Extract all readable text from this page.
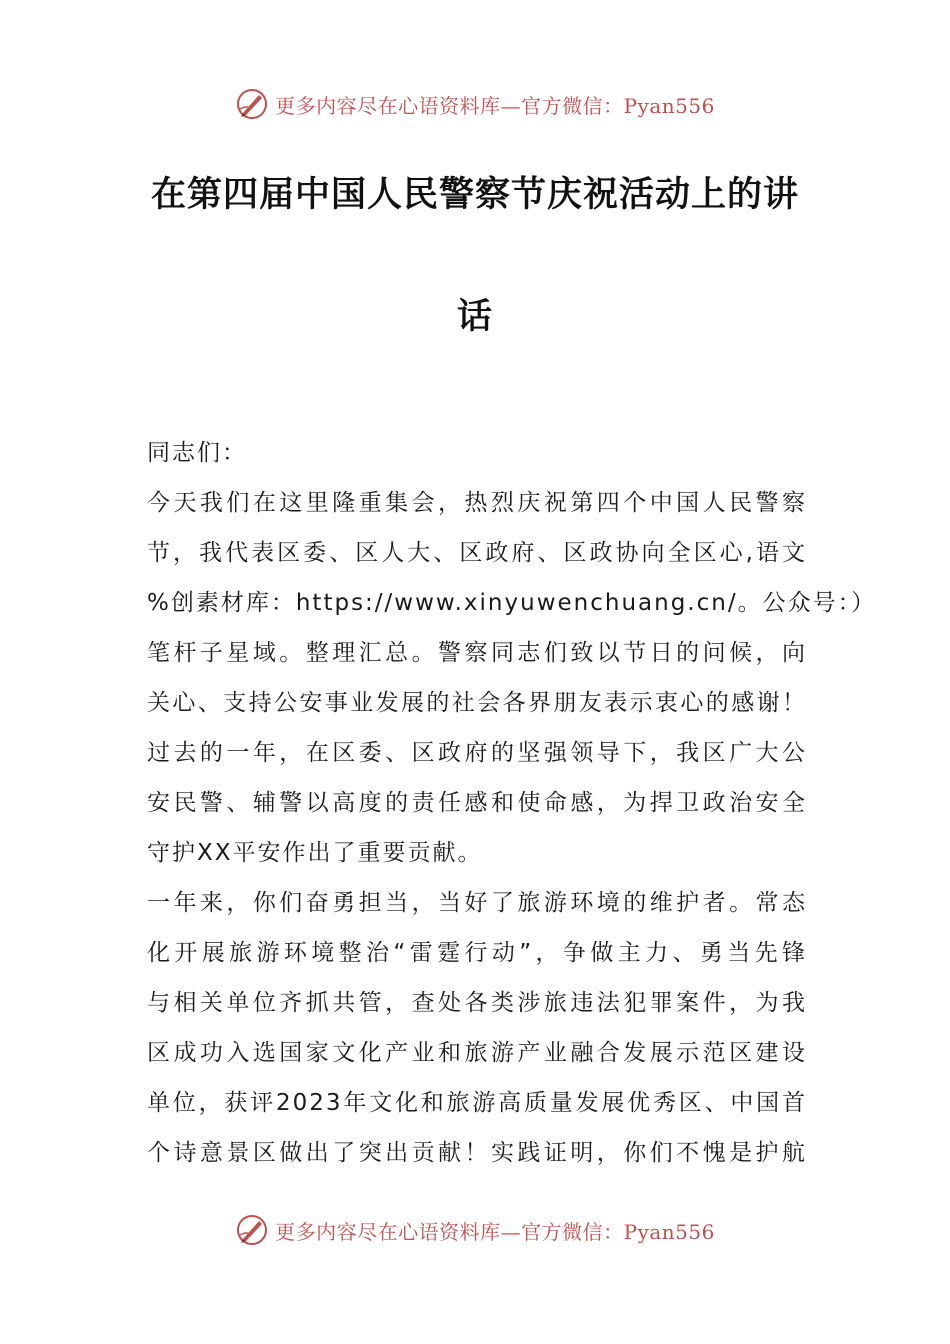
更多内容尽在心语资料库—官方微信：Pyan556
在第四届中国人民警察节庆祝活动上的讲
话
同志们：
今天我们在这里隆重集会，热烈庆祝第四个中国人民警察
节，我代表区委、区人大、区政府、区政协向全区心,语文
%创素材库：https://www.xinyuwenchuang.cn/。公众号：）
笔杆子星域。整理汇总。警察同志们致以节日的问候，向
关心、支持公安事业发展的社会各界朋友表示衷心的感谢！
过去的一年，在区委、区政府的坚强领导下，我区广大公
安民警、辅警以高度的责任感和使命感，为捍卫政治安全
守护XX平安作出了重要贡献。
一年来，你们奋勇担当，当好了旅游环境的维护者。常态
化开展旅游环境整治“雷霆行动”，争做主力、勇当先锋
与相关单位齐抓共管，查处各类涉旅违法犯罪案件，为我
区成功入选国家文化产业和旅游产业融合发展示范区建设
单位，获评2023年文化和旅游高质量发展优秀区、中国首
个诗意景区做出了突出贡献！实践证明，你们不愧是护航
更多内容尽在心语资料库—官方微信：Pyan556
